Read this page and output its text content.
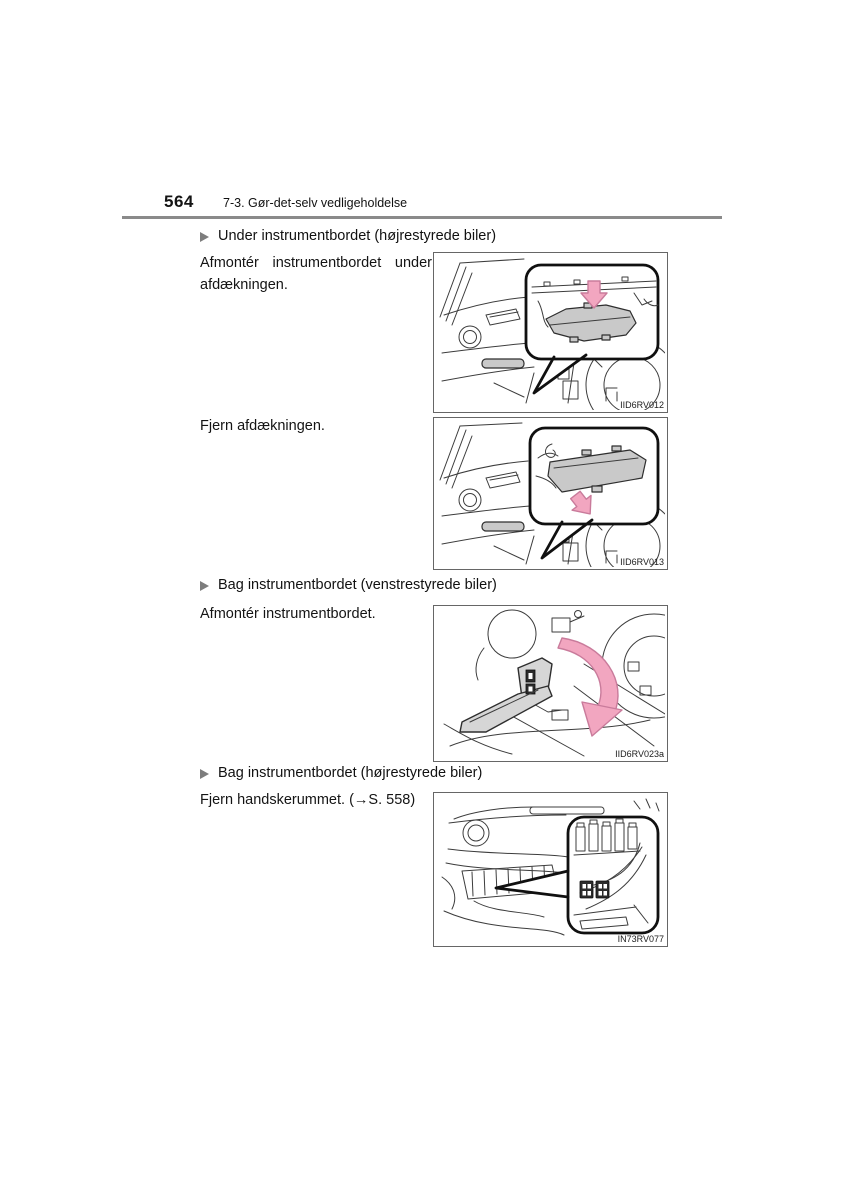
564 7-3. Gør-det-selv vedligeholdelse
Under instrumentbordet (højrestyrede biler)
Afmontér instrumentbordet under afdækningen.
IID6RV012
Fjern afdækningen.
IID6RV013
Bag instrumentbordet (venstrestyrede biler)
Afmontér instrumentbordet.
IID6RV023a
Bag instrumentbordet (højrestyrede biler)
Fjern handskerummet. (→S. 558)
IN73RV077
